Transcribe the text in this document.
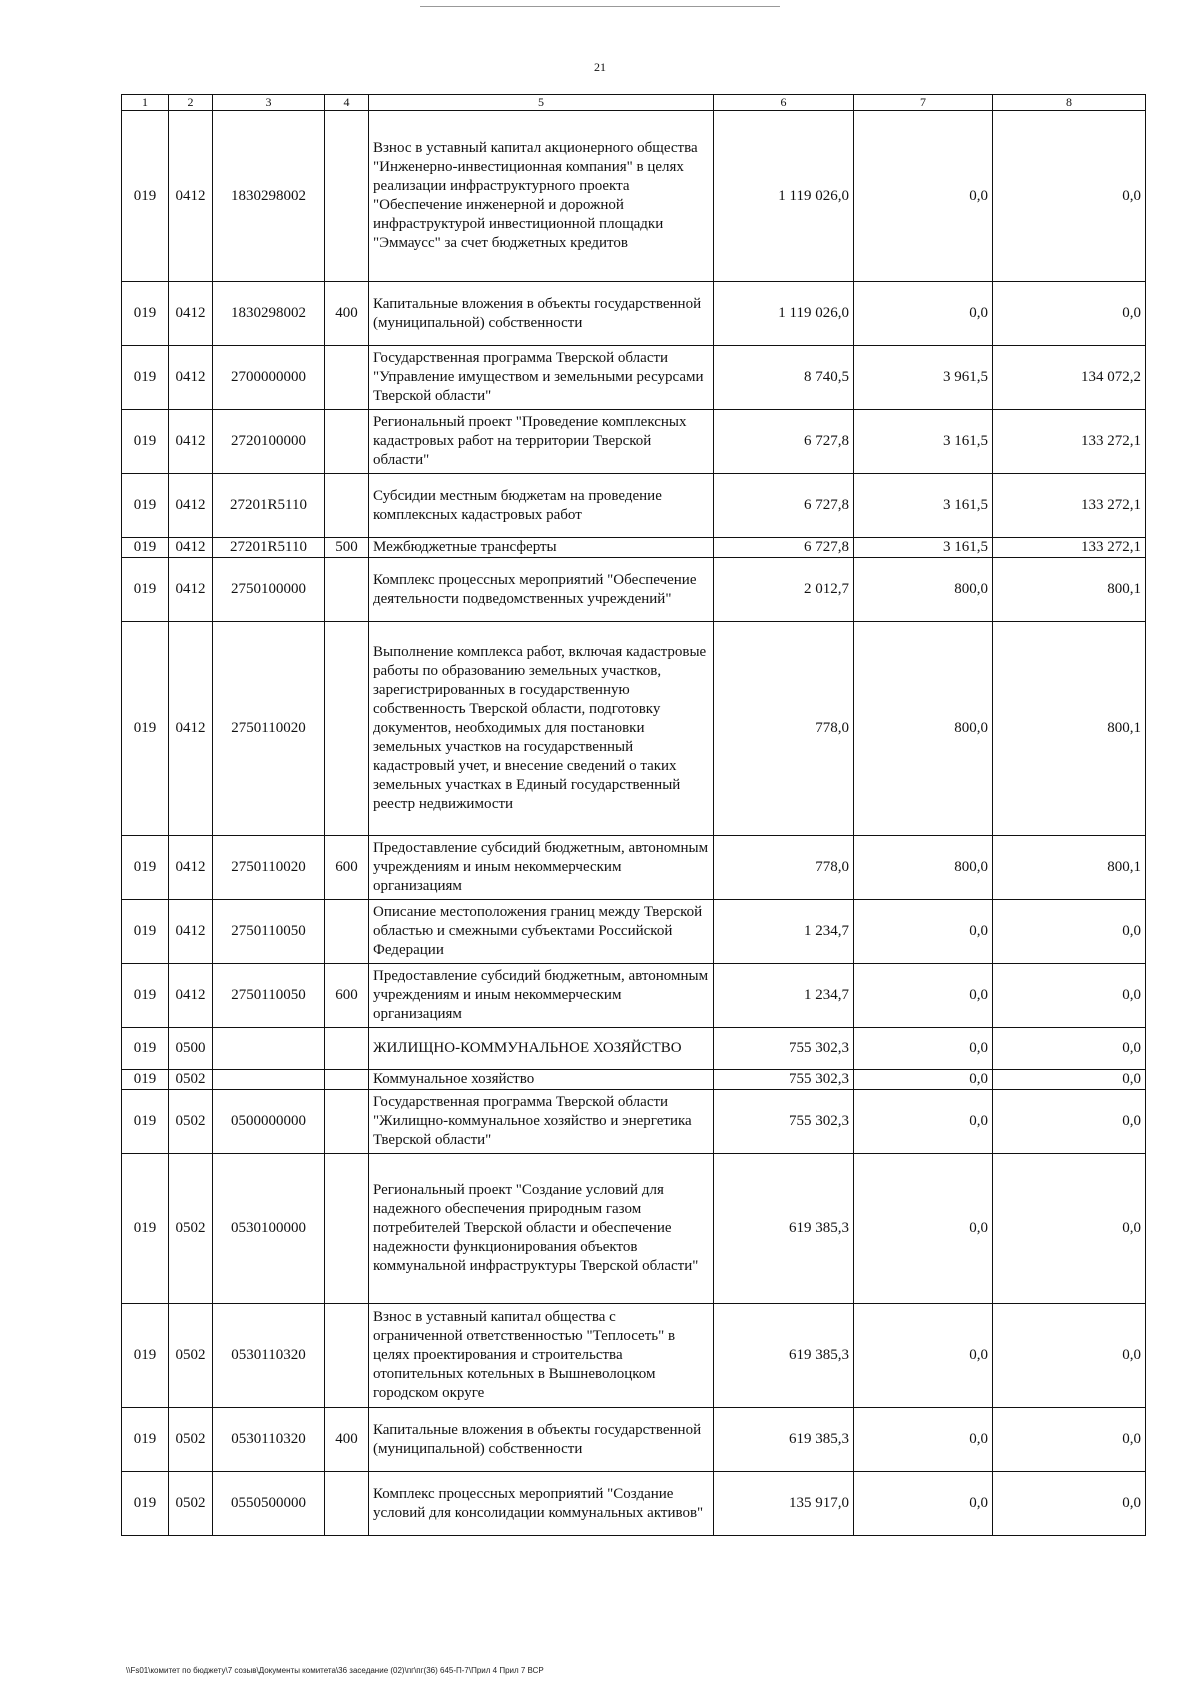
21
1	2	3	4	5	6	7	8
019	0412	1830298002		Взнос в уставный капитал акционерного общества "Инженерно-инвестиционная компания" в целях реализации инфраструктурного проекта "Обеспечение инженерной и дорожной инфраструктурой инвестиционной площадки "Эммаусс" за счет бюджетных кредитов	1 119 026,0	0,0	0,0
019	0412	1830298002	400	Капитальные вложения в объекты государственной (муниципальной) собственности	1 119 026,0	0,0	0,0
019	0412	2700000000		Государственная программа Тверской области "Управление имуществом и земельными ресурсами Тверской области"	8 740,5	3 961,5	134 072,2
019	0412	2720100000		Региональный проект "Проведение комплексных кадастровых работ на территории Тверской области"	6 727,8	3 161,5	133 272,1
019	0412	27201R5110		Субсидии местным бюджетам на проведение комплексных кадастровых работ	6 727,8	3 161,5	133 272,1
019	0412	27201R5110	500	Межбюджетные трансферты	6 727,8	3 161,5	133 272,1
019	0412	2750100000		Комплекс процессных мероприятий "Обеспечение деятельности подведомственных учреждений"	2 012,7	800,0	800,1
019	0412	2750110020		Выполнение комплекса работ, включая кадастровые работы по образованию земельных участков, зарегистрированных в государственную собственность Тверской области, подготовку документов, необходимых для постановки земельных участков на государственный кадастровый учет, и внесение сведений о таких земельных участках в Единый государственный реестр недвижимости	778,0	800,0	800,1
019	0412	2750110020	600	Предоставление субсидий бюджетным, автономным учреждениям и иным некоммерческим организациям	778,0	800,0	800,1
019	0412	2750110050		Описание местоположения границ между Тверской областью и смежными субъектами Российской Федерации	1 234,7	0,0	0,0
019	0412	2750110050	600	Предоставление субсидий бюджетным, автономным учреждениям и иным некоммерческим организациям	1 234,7	0,0	0,0
019	0500			ЖИЛИЩНО-КОММУНАЛЬНОЕ ХОЗЯЙСТВО	755 302,3	0,0	0,0
019	0502			Коммунальное хозяйство	755 302,3	0,0	0,0
019	0502	0500000000		Государственная программа Тверской области "Жилищно-коммунальное хозяйство и энергетика Тверской области"	755 302,3	0,0	0,0
019	0502	0530100000		Региональный проект "Создание условий для надежного обеспечения природным газом потребителей Тверской области и обеспечение надежности функционирования объектов коммунальной инфраструктуры Тверской области"	619 385,3	0,0	0,0
019	0502	0530110320		Взнос в уставный капитал общества с ограниченной ответственностью "Теплосеть" в целях проектирования и строительства отопительных котельных в Вышневолоцком городском округе	619 385,3	0,0	0,0
019	0502	0530110320	400	Капитальные вложения в объекты государственной (муниципальной) собственности	619 385,3	0,0	0,0
019	0502	0550500000		Комплекс процессных мероприятий "Создание условий для консолидации коммунальных активов"	135 917,0	0,0	0,0
\\Fs01\комитет по бюджету\7 созыв\Документы комитета\36 заседание (02)\пг\пг(36) 645-П-7\Прил 4 Прил 7 ВСР
